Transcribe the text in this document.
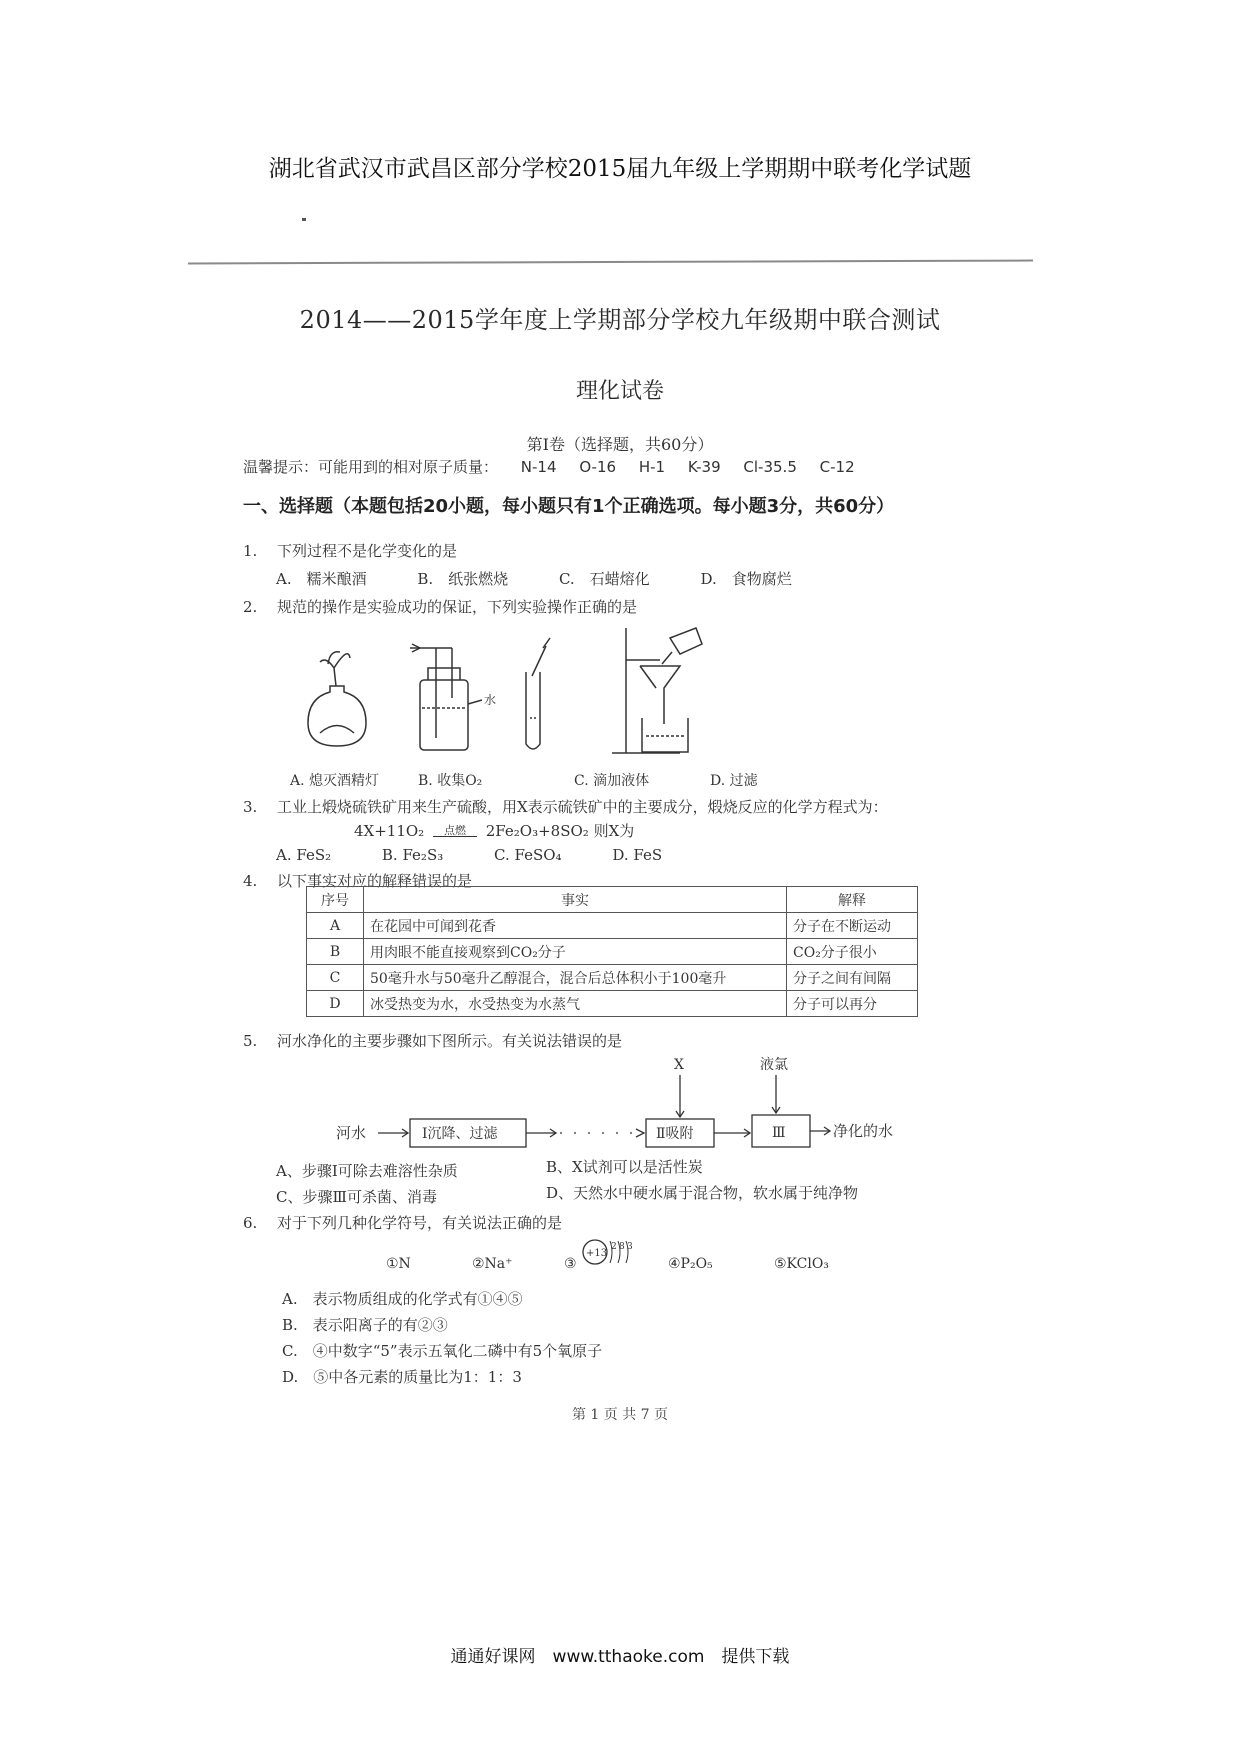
湖北省武汉市武昌区部分学校2015届九年级上学期期中联考化学试题
2014——2015学年度上学期部分学校九年级期中联合测试
理化试卷
第Ⅰ卷（选择题，共60分）
温馨提示：可能用到的相对原子质量： N-14 O-16 H-1 K-39 Cl-35.5 C-12
一、选择题（本题包括20小题，每小题只有1个正确选项。每小题3分，共60分）
1. 下列过程不是化学变化的是
A.　糯米酿酒	B.　纸张燃烧	C.　石蜡熔化	D.　食物腐烂
2. 规范的操作是实验成功的保证，下列实验操作正确的是
水
A. 熄灭酒精灯	B. 收集O₂	C. 滴加液体	D. 过滤
3. 工业上煅烧硫铁矿用来生产硫酸，用X表示硫铁矿中的主要成分，煅烧反应的化学方程式为：
4X+11O₂	点燃	2Fe₂O₃+8SO₂ 则X为
A. FeS₂	B. Fe₂S₃	C. FeSO₄	D. FeS
4. 以下事实对应的解释错误的是
序号	事实	解释
A	在花园中可闻到花香	分子在不断运动
B	用肉眼不能直接观察到CO₂分子	CO₂分子很小
C	50毫升水与50毫升乙醇混合，混合后总体积小于100毫升	分子之间有间隔
D	冰受热变为水，水受热变为水蒸气	分子可以再分
5. 河水净化的主要步骤如下图所示。有关说法错误的是
河水	Ⅰ沉降、过滤	Ⅱ吸附	Ⅲ	净化的水
X	液氯
A、步骤Ⅰ可除去难溶性杂质	B、X试剂可以是活性炭
C、步骤Ⅲ可杀菌、消毒	D、天然水中硬水属于混合物，软水属于纯净物
6. 对于下列几种化学符号，有关说法正确的是
①N	②Na⁺	③
+13
2 8 3
④P₂O₅	⑤KClO₃
A.　表示物质组成的化学式有①④⑤
B.　表示阳离子的有②③
C.　④中数字“5”表示五氧化二磷中有5个氧原子
D.　⑤中各元素的质量比为1：1：3
第 1 页 共 7 页
通通好课网　www.tthaoke.com　提供下载
